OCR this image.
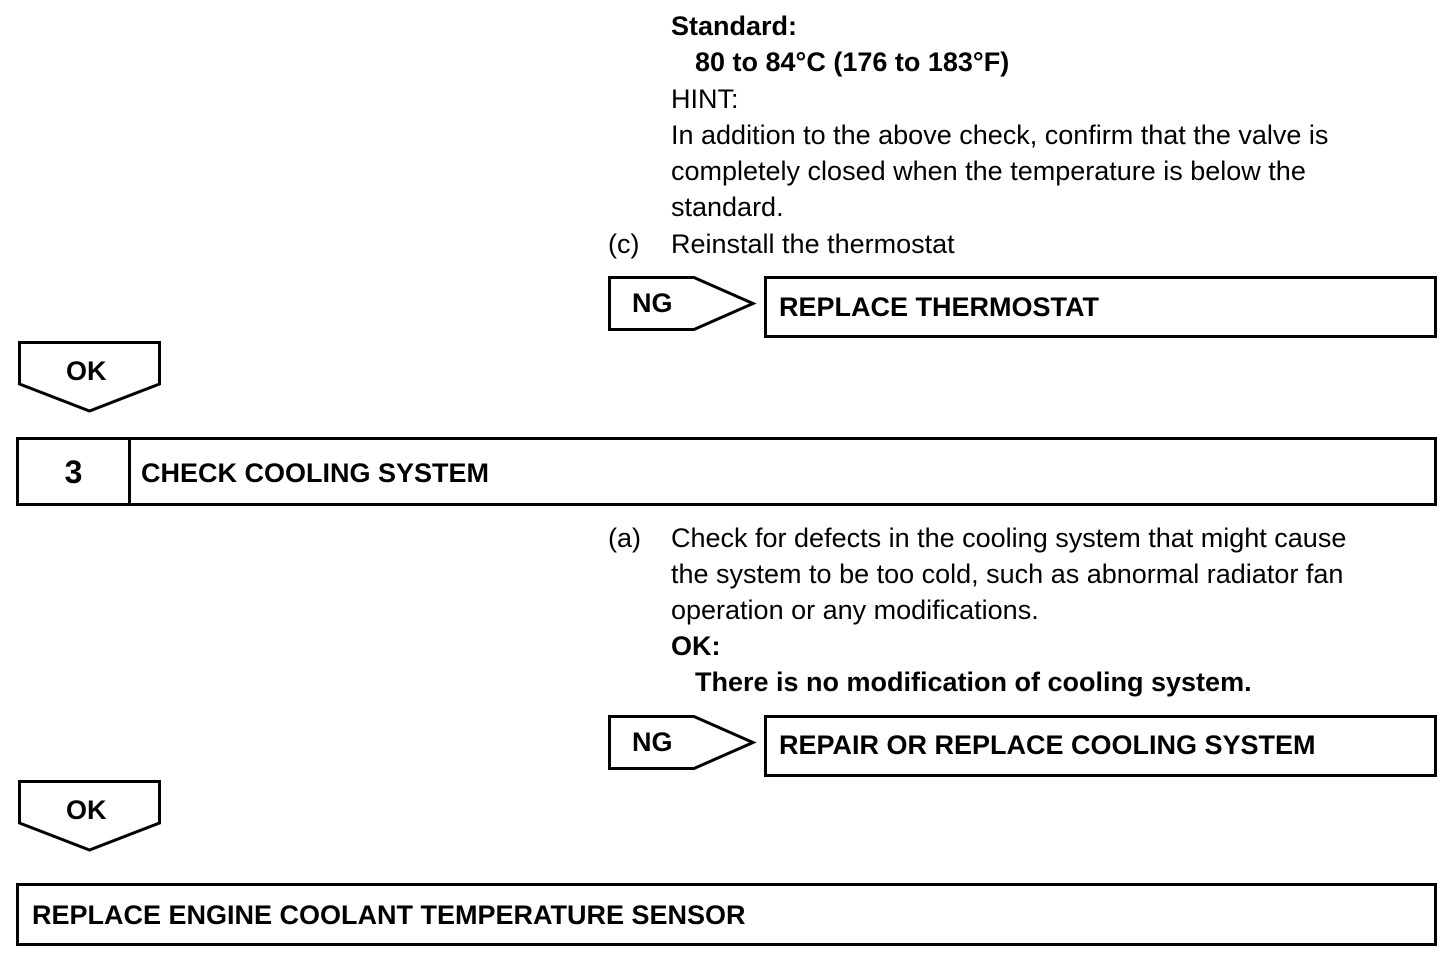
Standard:

80 to 84°C (176 to 183°F)

HINT:

In addition to the above check, confirm that the valve is

completely closed when the temperature is below the

standard.

(c) Reinstall the thermostat

NG	REPLACE THERMOSTAT
OK
3	CHECK COOLING SYSTEM

(a) Check for defects in the cooling system that might cause

the system to be too cold, such as abnormal radiator fan

operation or any modifications.

OK:

There is no modification of cooling system.

NG	REPAIR OR REPLACE COOLING SYSTEM
OK
REPLACE ENGINE COOLANT TEMPERATURE SENSOR
